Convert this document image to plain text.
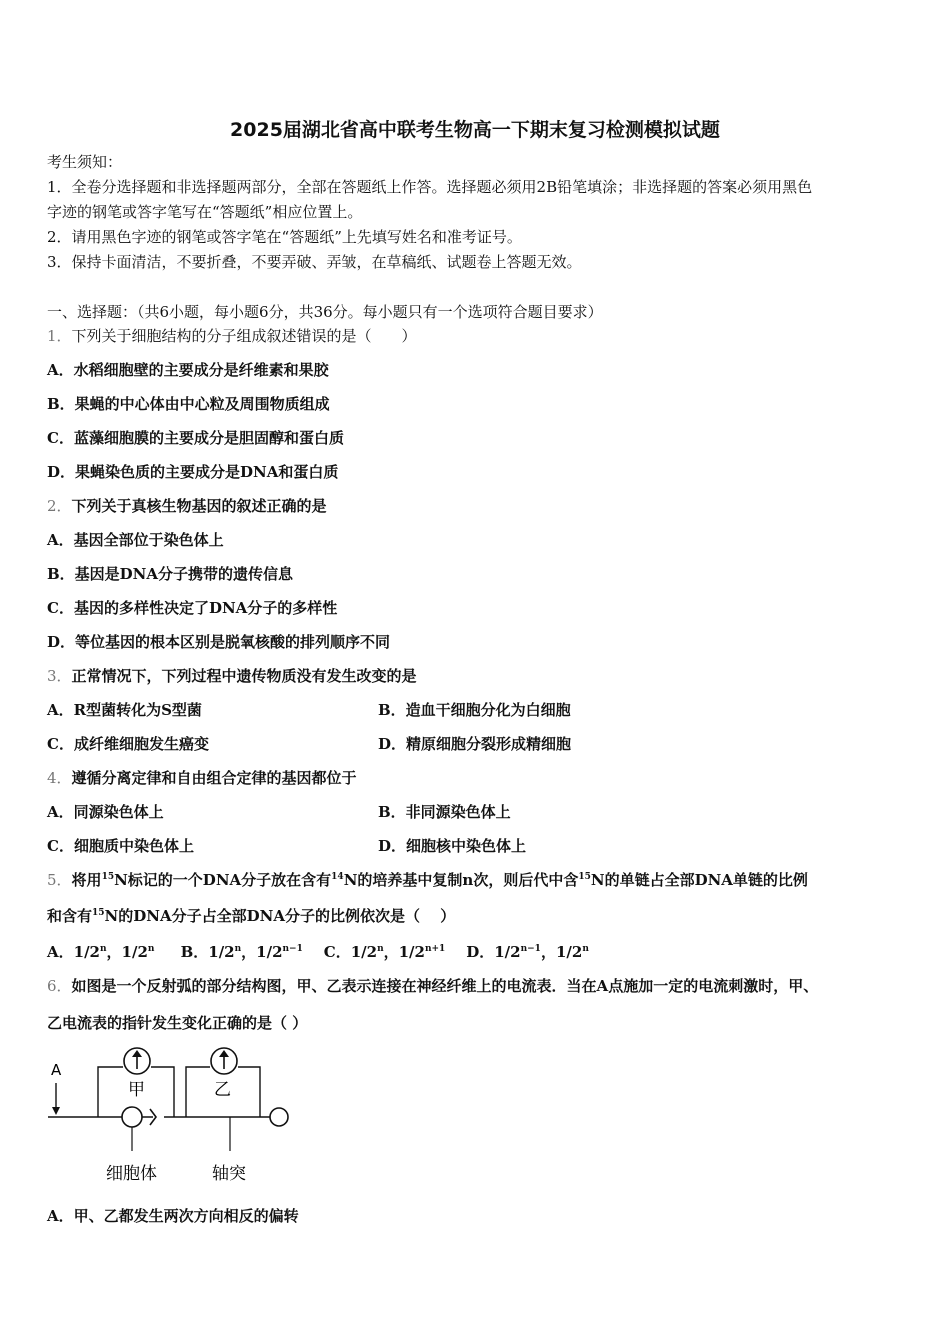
2025届湖北省高中联考生物高一下期末复习检测模拟试题
考生须知：
1．全卷分选择题和非选择题两部分，全部在答题纸上作答。选择题必须用2B铅笔填涂；非选择题的答案必须用黑色
字迹的钢笔或答字笔写在“答题纸”相应位置上。
2．请用黑色字迹的钢笔或答字笔在“答题纸”上先填写姓名和准考证号。
3．保持卡面清洁，不要折叠，不要弄破、弄皱，在草稿纸、试题卷上答题无效。
一、选择题：（共6小题，每小题6分，共36分。每小题只有一个选项符合题目要求）
1．下列关于细胞结构的分子组成叙述错误的是（　　）
A．水稻细胞壁的主要成分是纤维素和果胶
B．果蝇的中心体由中心粒及周围物质组成
C．蓝藻细胞膜的主要成分是胆固醇和蛋白质
D．果蝇染色质的主要成分是DNA和蛋白质
2．下列关于真核生物基因的叙述正确的是
A．基因全部位于染色体上
B．基因是DNA分子携带的遗传信息
C．基因的多样性决定了DNA分子的多样性
D．等位基因的根本区别是脱氧核酸的排列顺序不同
3．正常情况下，下列过程中遗传物质没有发生改变的是
A．R型菌转化为S型菌	B．造血干细胞分化为白细胞
C．成纤维细胞发生癌变	D．精原细胞分裂形成精细胞
4．遵循分离定律和自由组合定律的基因都位于
A．同源染色体上	B．非同源染色体上
C．细胞质中染色体上	D．细胞核中染色体上
5．将用$^{15}$N标记的一个DNA分子放在含有$^{14}$N的培养基中复制n次，则后代中含$^{15}$N的单链占全部DNA单链的比例
和含有$^{15}$N的DNA分子占全部DNA分子的比例依次是（　 ）
A．1/2$^n$，1/2$^n$ B．1/2$^n$，$1/2^{n-1}$ C．1/2$^n$，$1/2^{n+1}$ D．$1/2^{n-1}$，1/2$^n$
6．如图是一个反射弧的部分结构图，甲、乙表示连接在神经纤维上的电流表．当在A点施加一定的电流刺激时，甲、
乙电流表的指针发生变化正确的是（ ）
A
甲	乙
细胞体	轴突
A．甲、乙都发生两次方向相反的偏转
